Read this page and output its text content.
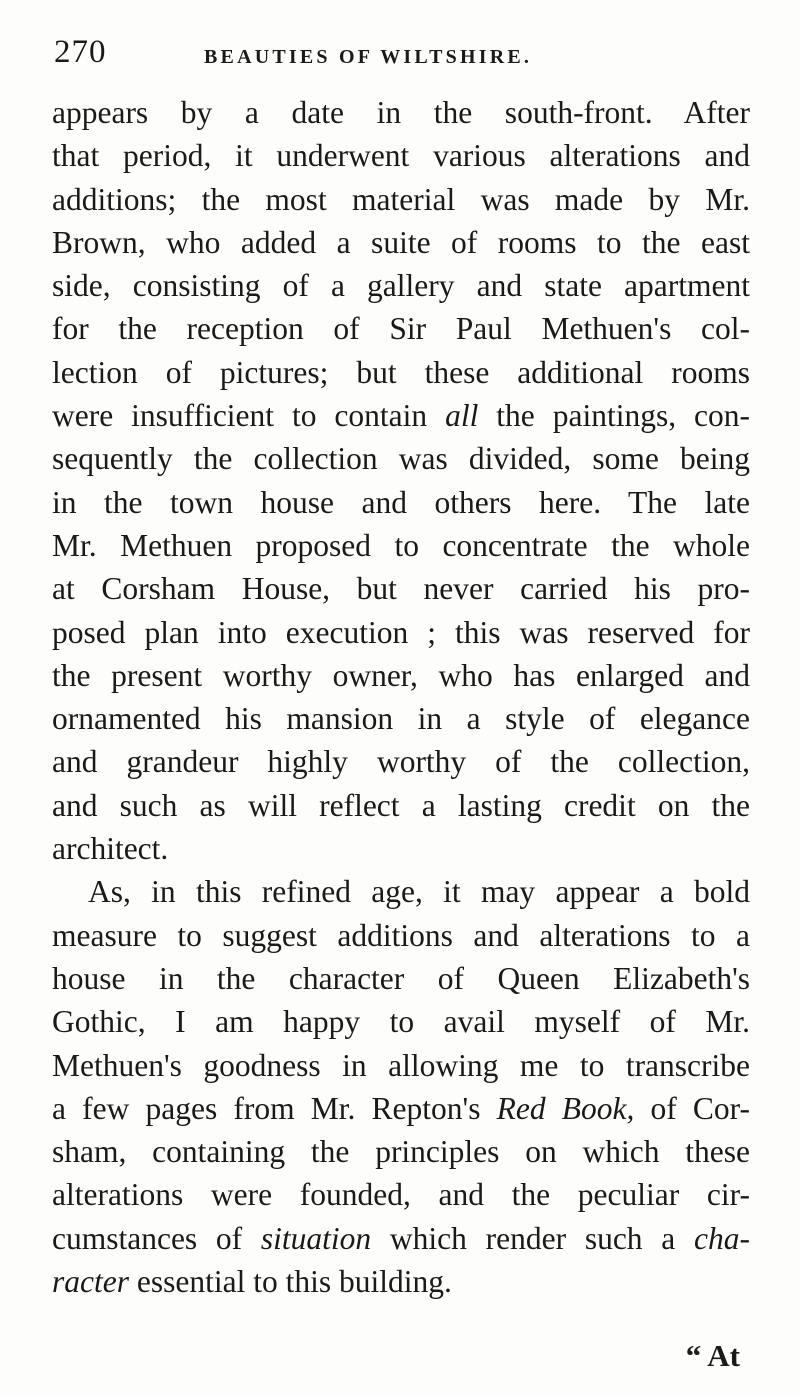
270	BEAUTIES OF WILTSHIRE.
appears by a date in the south-front. After
that period, it underwent various alterations and
additions; the most material was made by Mr.
Brown, who added a suite of rooms to the east
side, consisting of a gallery and state apartment
for the reception of Sir Paul Methuen's col-
lection of pictures; but these additional rooms
were insufficient to contain all the paintings, con-
sequently the collection was divided, some being
in the town house and others here. The late
Mr. Methuen proposed to concentrate the whole
at Corsham House, but never carried his pro-
posed plan into execution ; this was reserved for
the present worthy owner, who has enlarged and
ornamented his mansion in a style of elegance
and grandeur highly worthy of the collection,
and such as will reflect a lasting credit on the
architect.
As, in this refined age, it may appear a bold
measure to suggest additions and alterations to a
house in the character of Queen Elizabeth's
Gothic, I am happy to avail myself of Mr.
Methuen's goodness in allowing me to transcribe
a few pages from Mr. Repton's Red Book, of Cor-
sham, containing the principles on which these
alterations were founded, and the peculiar cir-
cumstances of situation which render such a cha-
racter essential to this building.
“ At
